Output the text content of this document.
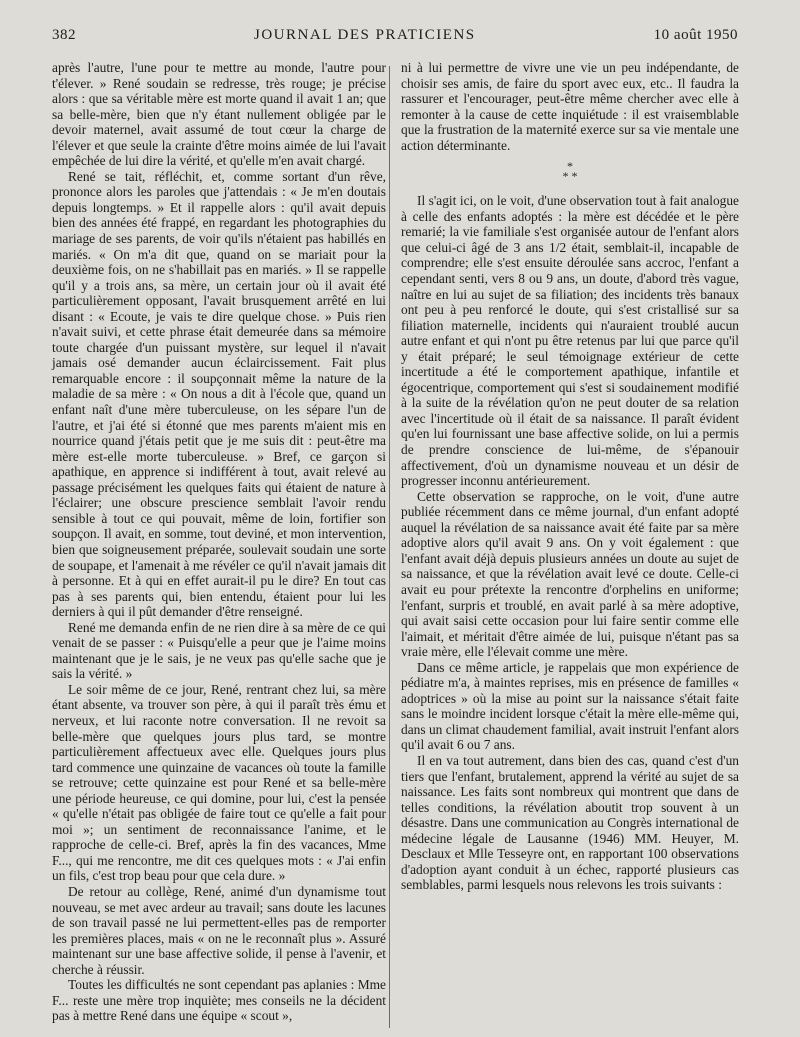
382	JOURNAL DES PRATICIENS	10 août 1950

après l'autre, l'une pour te mettre au monde, l'autre pour t'élever. » René soudain se redresse, très rouge; je précise alors : que sa véritable mère est morte quand il avait 1 an; que sa belle-mère, bien que n'y étant nullement obligée par le devoir maternel, avait assumé de tout cœur la charge de l'élever et que seule la crainte d'être moins aimée de lui l'avait empêchée de lui dire la vérité, et qu'elle m'en avait chargé.

René se tait, réfléchit, et, comme sortant d'un rêve, prononce alors les paroles que j'attendais : « Je m'en doutais depuis longtemps. » Et il rappelle alors : qu'il avait depuis bien des années été frappé, en regardant les photographies du mariage de ses parents, de voir qu'ils n'étaient pas habillés en mariés. « On m'a dit que, quand on se mariait pour la deuxième fois, on ne s'habillait pas en mariés. » Il se rappelle qu'il y a trois ans, sa mère, un certain jour où il avait été particulièrement opposant, l'avait brusquement arrêté en lui disant : « Ecoute, je vais te dire quelque chose. » Puis rien n'avait suivi, et cette phrase était demeurée dans sa mémoire toute chargée d'un puissant mystère, sur lequel il n'avait jamais osé demander aucun éclaircissement. Fait plus remarquable encore : il soupçonnait même la nature de la maladie de sa mère : « On nous a dit à l'école que, quand un enfant naît d'une mère tuberculeuse, on les sépare l'un de l'autre, et j'ai été si étonné que mes parents m'aient mis en nourrice quand j'étais petit que je me suis dit : peut-être ma mère est-elle morte tuberculeuse. » Bref, ce garçon si apathique, en apprence si indifférent à tout, avait relevé au passage précisément les quelques faits qui étaient de nature à l'éclairer; une obscure prescience semblait l'avoir rendu sensible à tout ce qui pouvait, même de loin, fortifier son soupçon. Il avait, en somme, tout deviné, et mon intervention, bien que soigneusement préparée, soulevait soudain une sorte de soupape, et l'amenait à me révéler ce qu'il n'avait jamais dit à personne. Et à qui en effet aurait-il pu le dire? En tout cas pas à ses parents qui, bien entendu, étaient pour lui les derniers à qui il pût demander d'être renseigné.

René me demanda enfin de ne rien dire à sa mère de ce qui venait de se passer : « Puisqu'elle a peur que je l'aime moins maintenant que je le sais, je ne veux pas qu'elle sache que je sais la vérité. »

Le soir même de ce jour, René, rentrant chez lui, sa mère étant absente, va trouver son père, à qui il paraît très ému et nerveux, et lui raconte notre conversation. Il ne revoit sa belle-mère que quelques jours plus tard, se montre particulièrement affectueux avec elle. Quelques jours plus tard commence une quinzaine de vacances où toute la famille se retrouve; cette quinzaine est pour René et sa belle-mère une période heureuse, ce qui domine, pour lui, c'est la pensée « qu'elle n'était pas obligée de faire tout ce qu'elle a fait pour moi »; un sentiment de reconnaissance l'anime, et le rapproche de celle-ci. Bref, après la fin des vacances, Mme F..., qui me rencontre, me dit ces quelques mots : « J'ai enfin un fils, c'est trop beau pour que cela dure. »

De retour au collège, René, animé d'un dynamisme tout nouveau, se met avec ardeur au travail; sans doute les lacunes de son travail passé ne lui permettent-elles pas de remporter les premières places, mais « on ne le reconnaît plus ». Assuré maintenant sur une base affective solide, il pense à l'avenir, et cherche à réussir.

Toutes les difficultés ne sont cependant pas aplanies : Mme F... reste une mère trop inquiète; mes conseils ne la décident pas à mettre René dans une équipe « scout »,

ni à lui permettre de vivre une vie un peu indépendante, de choisir ses amis, de faire du sport avec eux, etc.. Il faudra la rassurer et l'encourager, peut-être même chercher avec elle à remonter à la cause de cette inquiétude : il est vraisemblable que la frustration de la maternité exerce sur sa vie mentale une action déterminante.

*
* *

Il s'agit ici, on le voit, d'une observation tout à fait analogue à celle des enfants adoptés : la mère est décédée et le père remarié; la vie familiale s'est organisée autour de l'enfant alors que celui-ci âgé de 3 ans 1/2 était, semblait-il, incapable de comprendre; elle s'est ensuite déroulée sans accroc, l'enfant a cependant senti, vers 8 ou 9 ans, un doute, d'abord très vague, naître en lui au sujet de sa filiation; des incidents très banaux ont peu à peu renforcé le doute, qui s'est cristallisé sur sa filiation maternelle, incidents qui n'auraient troublé aucun autre enfant et qui n'ont pu être retenus par lui que parce qu'il y était préparé; le seul témoignage extérieur de cette incertitude a été le comportement apathique, infantile et égocentrique, comportement qui s'est si soudainement modifié à la suite de la révélation qu'on ne peut douter de sa relation avec l'incertitude où il était de sa naissance. Il paraît évident qu'en lui fournissant une base affective solide, on lui a permis de prendre conscience de lui-même, de s'épanouir affectivement, d'où un dynamisme nouveau et un désir de progresser inconnu antérieurement.

Cette observation se rapproche, on le voit, d'une autre publiée récemment dans ce même journal, d'un enfant adopté auquel la révélation de sa naissance avait été faite par sa mère adoptive alors qu'il avait 9 ans. On y voit également : que l'enfant avait déjà depuis plusieurs années un doute au sujet de sa naissance, et que la révélation avait levé ce doute. Celle-ci avait eu pour prétexte la rencontre d'orphelins en uniforme; l'enfant, surpris et troublé, en avait parlé à sa mère adoptive, qui avait saisi cette occasion pour lui faire sentir comme elle l'aimait, et méritait d'être aimée de lui, puisque n'étant pas sa vraie mère, elle l'élevait comme une mère.

Dans ce même article, je rappelais que mon expérience de pédiatre m'a, à maintes reprises, mis en présence de familles « adoptrices » où la mise au point sur la naissance s'était faite sans le moindre incident lorsque c'était la mère elle-même qui, dans un climat chaudement familial, avait instruit l'enfant alors qu'il avait 6 ou 7 ans.

Il en va tout autrement, dans bien des cas, quand c'est d'un tiers que l'enfant, brutalement, apprend la vérité au sujet de sa naissance. Les faits sont nombreux qui montrent que dans de telles conditions, la révélation aboutit trop souvent à un désastre. Dans une communication au Congrès international de médecine légale de Lausanne (1946) MM. Heuyer, M. Desclaux et Mlle Tesseyre ont, en rapportant 100 observations d'adoption ayant conduit à un échec, rapporté plusieurs cas semblables, parmi lesquels nous relevons les trois suivants :
